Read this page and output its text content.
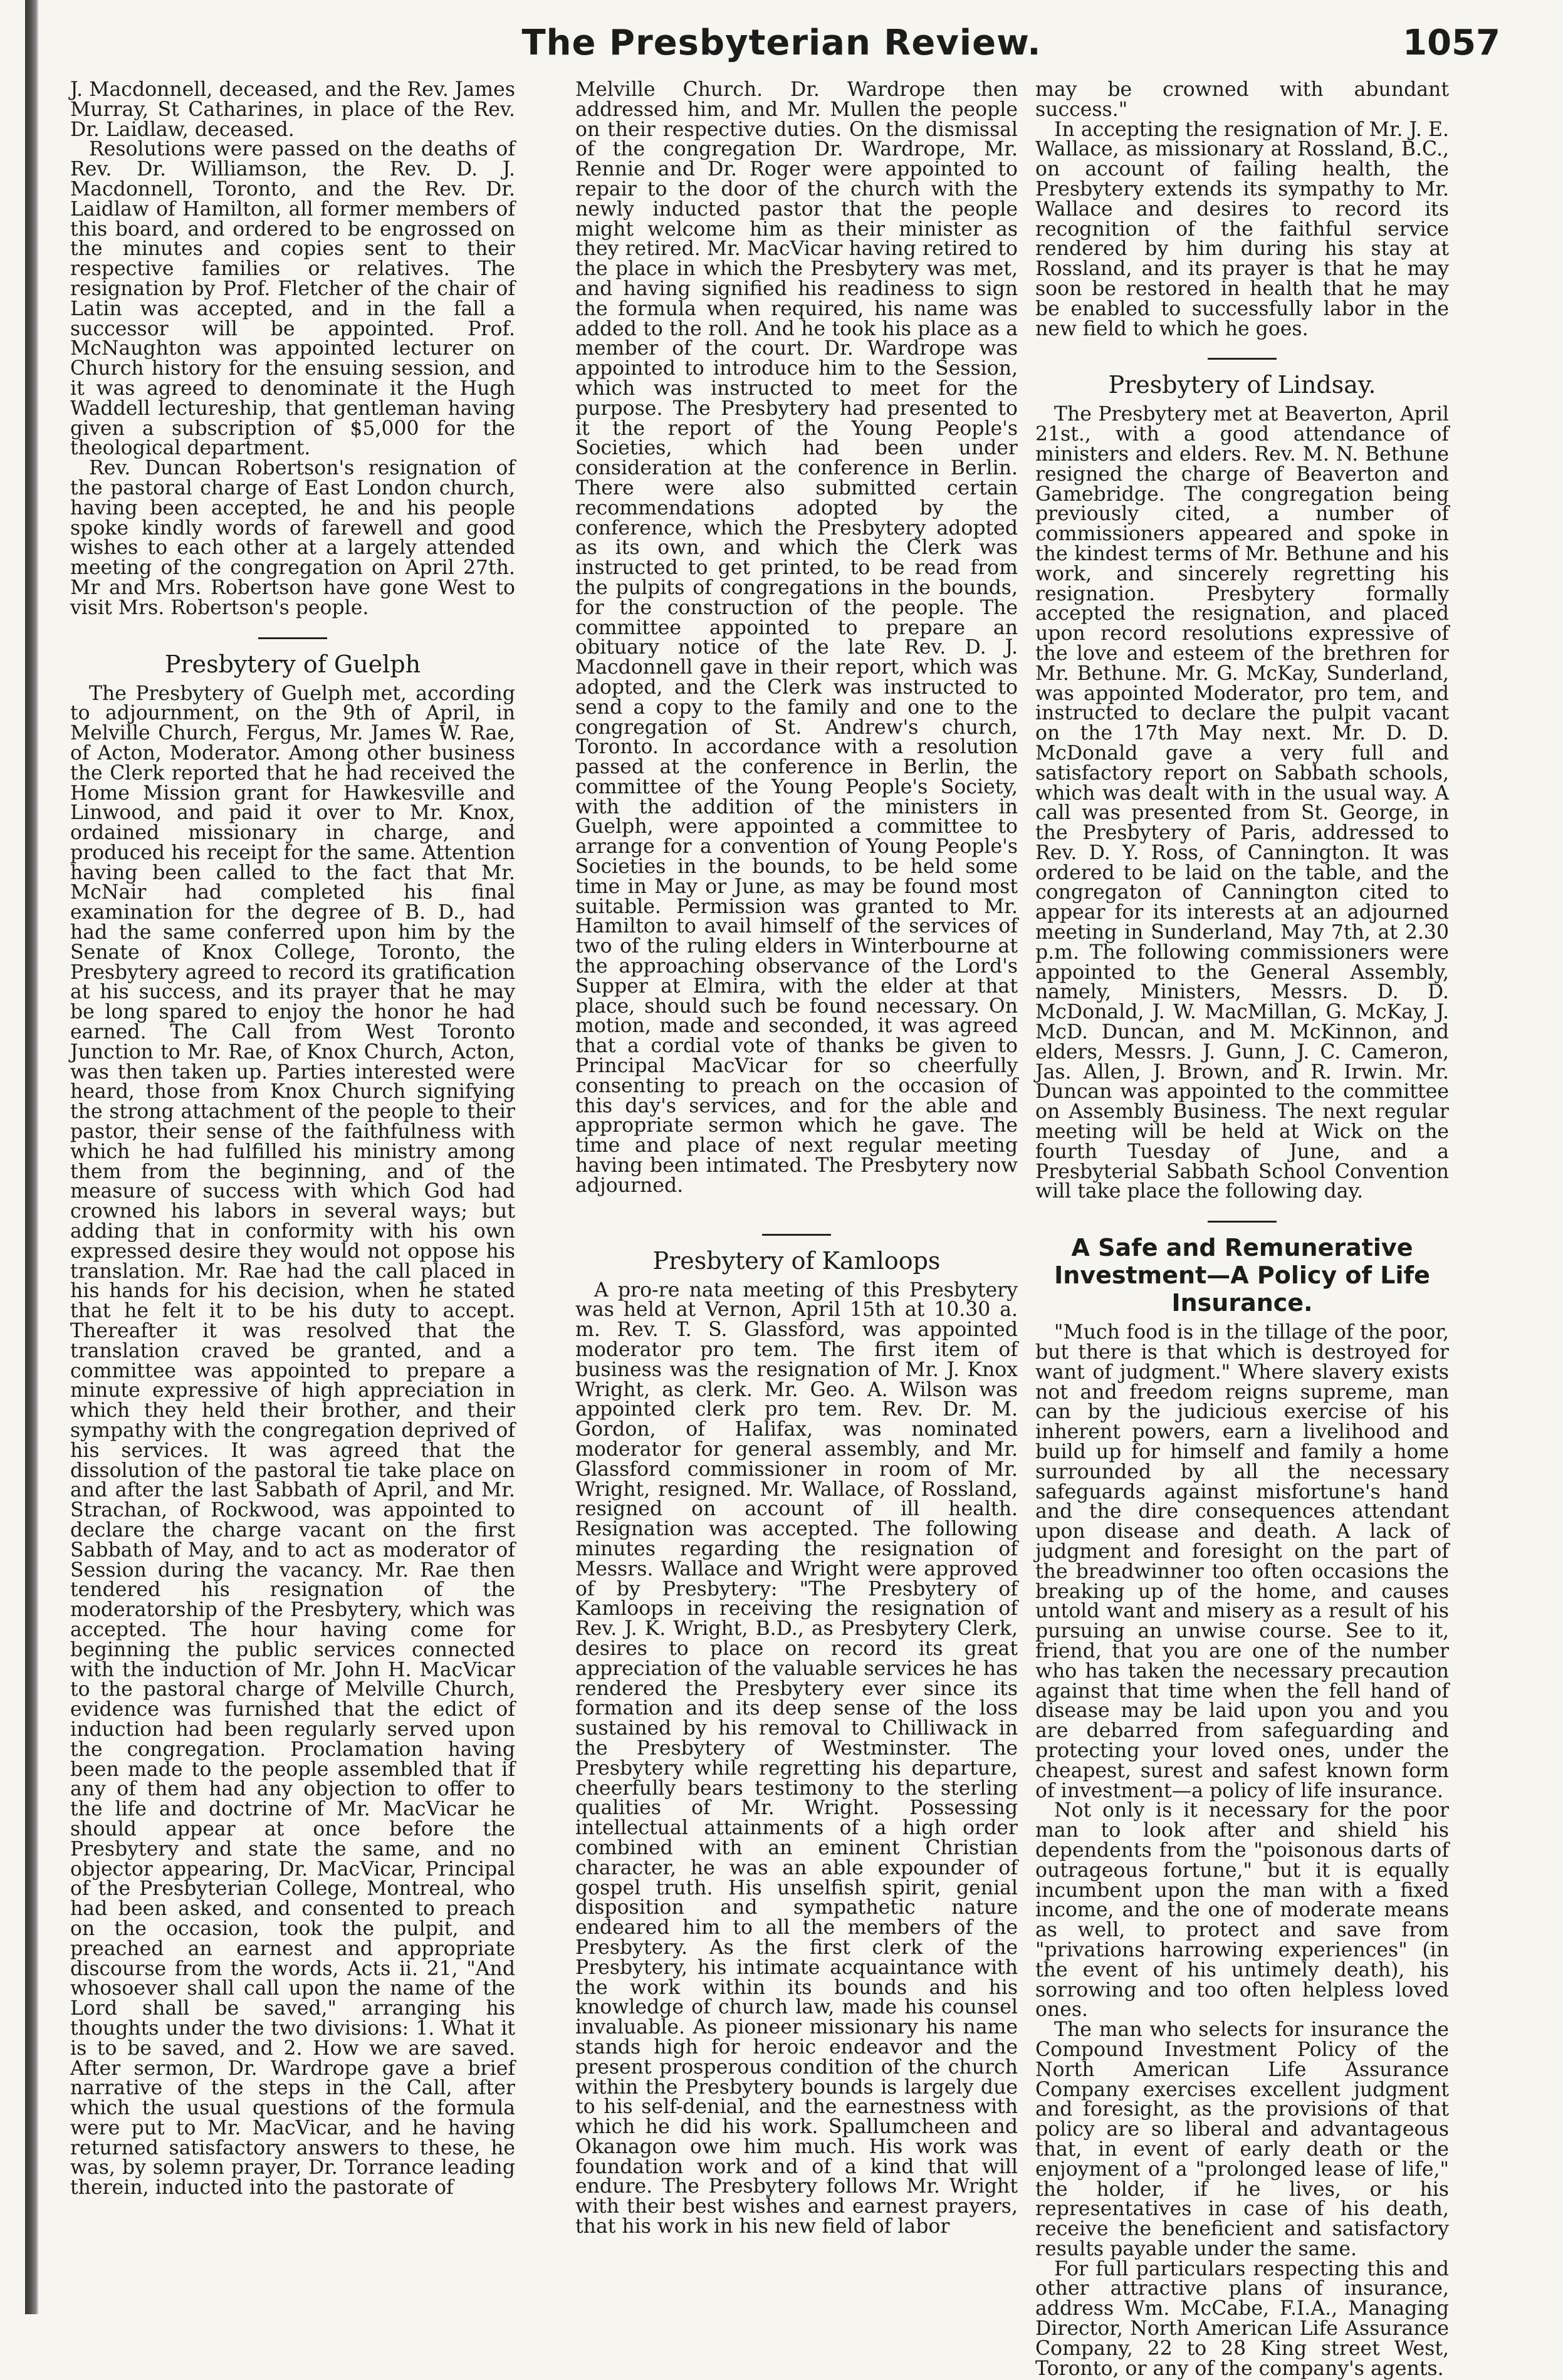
The Presbyterian Review.	1057

J. Macdonnell, deceased, and the Rev. James Murray, St Catharines, in place of the Rev. Dr. Laidlaw, deceased.

Resolutions were passed on the deaths of Rev. Dr. Williamson, the Rev. D. J. Macdonnell, Toronto, and the Rev. Dr. Laidlaw of Hamilton, all former members of this board, and ordered to be engrossed on the minutes and copies sent to their respective families or relatives. The resignation by Prof. Fletcher of the chair of Latin was accepted, and in the fall a successor will be appointed. Prof. McNaughton was appointed lecturer on Church history for the ensuing session, and it was agreed to denominate it the Hugh Waddell lectureship, that gentleman having given a subscription of $5,000 for the theological department.

Rev. Duncan Robertson's resignation of the pastoral charge of East London church, having been accepted, he and his people spoke kindly words of farewell and good wishes to each other at a largely attended meeting of the congregation on April 27th. Mr and Mrs. Robertson have gone West to visit Mrs. Robertson's people.

Presbytery of Guelph

The Presbytery of Guelph met, according to adjournment, on the 9th of April, in Melville Church, Fergus, Mr. James W. Rae, of Acton, Moderator. Among other business the Clerk reported that he had received the Home Mission grant for Hawkesville and Linwood, and paid it over to Mr. Knox, ordained missionary in charge, and produced his receipt for the same. Attention having been called to the fact that Mr. McNair had completed his final examination for the degree of B. D., had had the same conferred upon him by the Senate of Knox College, Toronto, the Presbytery agreed to record its gratification at his success, and its prayer that he may be long spared to enjoy the honor he had earned. The Call from West Toronto Junction to Mr. Rae, of Knox Church, Acton, was then taken up. Parties interested were heard, those from Knox Church signifying the strong attachment of the people to their pastor, their sense of the faithfulness with which he had fulfilled his ministry among them from the beginning, and of the measure of success with which God had crowned his labors in several ways; but adding that in conformity with his own expressed desire they would not oppose his translation. Mr. Rae had the call placed in his hands for his decision, when he stated that he felt it to be his duty to accept. Thereafter it was resolved that the translation craved be granted, and a committee was appointed to prepare a minute expressive of high appreciation in which they held their brother, and their sympathy with the congregation deprived of his services. It was agreed that the dissolution of the pastoral tie take place on and after the last Sabbath of April, and Mr. Strachan, of Rockwood, was appointed to declare the charge vacant on the first Sabbath of May, and to act as moderator of Session during the vacancy. Mr. Rae then tendered his resignation of the moderatorship of the Presbytery, which was accepted. The hour having come for beginning the public services connected with the induction of Mr. John H. MacVicar to the pastoral charge of Melville Church, evidence was furnished that the edict of induction had been regularly served upon the congregation. Proclamation having been made to the people assembled that if any of them had any objection to offer to the life and doctrine of Mr. MacVicar he should appear at once before the Presbytery and state the same, and no objector appearing, Dr. MacVicar, Principal of the Presbyterian College, Montreal, who had been asked, and consented to preach on the occasion, took the pulpit, and preached an earnest and appropriate discourse from the words, Acts ii. 21, "And whosoever shall call upon the name of the Lord shall be saved," arranging his thoughts under the two divisions: 1. What it is to be saved, and 2. How we are saved. After sermon, Dr. Wardrope gave a brief narrative of the steps in the Call, after which the usual questions of the formula were put to Mr. MacVicar, and he having returned satisfactory answers to these, he was, by solemn prayer, Dr. Torrance leading therein, inducted into the pastorate of

Melville Church. Dr. Wardrope then addressed him, and Mr. Mullen the people on their respective duties. On the dismissal of the congregation Dr. Wardrope, Mr. Rennie and Dr. Roger were appointed to repair to the door of the church with the newly inducted pastor that the people might welcome him as their minister as they retired. Mr. MacVicar having retired to the place in which the Presbytery was met, and having signified his readiness to sign the formula when required, his name was added to the roll. And he took his place as a member of the court. Dr. Wardrope was appointed to introduce him to the Session, which was instructed to meet for the purpose. The Presbytery had presented to it the report of the Young People's Societies, which had been under consideration at the conference in Berlin. There were also submitted certain recommendations adopted by the conference, which the Presbytery adopted as its own, and which the Clerk was instructed to get printed, to be read from the pulpits of congregations in the bounds, for the construction of the people. The committee appointed to prepare an obituary notice of the late Rev. D. J. Macdonnell gave in their report, which was adopted, and the Clerk was instructed to send a copy to the family and one to the congregation of St. Andrew's church, Toronto. In accordance with a resolution passed at the conference in Berlin, the committee of the Young People's Society, with the addition of the ministers in Guelph, were appointed a committee to arrange for a convention of Young People's Societies in the bounds, to be held some time in May or June, as may be found most suitable. Permission was granted to Mr. Hamilton to avail himself of the services of two of the ruling elders in Winterbourne at the approaching observance of the Lord's Supper at Elmira, with the elder at that place, should such be found necessary. On motion, made and seconded, it was agreed that a cordial vote of thanks be given to Principal MacVicar for so cheerfully consenting to preach on the occasion of this day's services, and for the able and appropriate sermon which he gave. The time and place of next regular meeting having been intimated. The Presbytery now adjourned.

Presbytery of Kamloops

A pro-re nata meeting of this Presbytery was held at Vernon, April 15th at 10.30 a. m. Rev. T. S. Glassford, was appointed moderator pro tem. The first item of business was the resignation of Mr. J. Knox Wright, as clerk. Mr. Geo. A. Wilson was appointed clerk pro tem. Rev. Dr. M. Gordon, of Halifax, was nominated moderator for general assembly, and Mr. Glassford commissioner in room of Mr. Wright, resigned. Mr. Wallace, of Rossland, resigned on account of ill health. Resignation was accepted. The following minutes regarding the resignation of Messrs. Wallace and Wright were approved of by Presbytery: "The Presbytery of Kamloops in receiving the resignation of Rev. J. K. Wright, B.D., as Presbytery Clerk, desires to place on record its great appreciation of the valuable services he has rendered the Presbytery ever since its formation and its deep sense of the loss sustained by his removal to Chilliwack in the Presbytery of Westminster. The Presbytery while regretting his departure, cheerfully bears testimony to the sterling qualities of Mr. Wright. Possessing intellectual attainments of a high order combined with an eminent Christian character, he was an able expounder of gospel truth. His unselfish spirit, genial disposition and sympathetic nature endeared him to all the members of the Presbytery. As the first clerk of the Presbytery, his intimate acquaintance with the work within its bounds and his knowledge of church law, made his counsel invaluable. As pioneer missionary his name stands high for heroic endeavor and the present prosperous condition of the church within the Presbytery bounds is largely due to his self-denial, and the earnestness with which he did his work. Spallumcheen and Okanagon owe him much. His work was foundation work and of a kind that will endure. The Presbytery follows Mr. Wright with their best wishes and earnest prayers, that his work in his new field of labor

may be crowned with abundant success."

In accepting the resignation of Mr. J. E. Wallace, as missionary at Rossland, B.C., on account of failing health, the Presbytery extends its sympathy to Mr. Wallace and desires to record its recognition of the faithful service rendered by him during his stay at Rossland, and its prayer is that he may soon be restored in health that he may be enabled to successfully labor in the new field to which he goes.

Presbytery of Lindsay.

The Presbytery met at Beaverton, April 21st., with a good attendance of ministers and elders. Rev. M. N. Bethune resigned the charge of Beaverton and Gamebridge. The congregation being previously cited, a number of commissioners appeared and spoke in the kindest terms of Mr. Bethune and his work, and sincerely regretting his resignation. Presbytery formally accepted the resignation, and placed upon record resolutions expressive of the love and esteem of the brethren for Mr. Bethune. Mr. G. McKay, Sunderland, was appointed Moderator, pro tem, and instructed to declare the pulpit vacant on the 17th May next. Mr. D. D. McDonald gave a very full and satisfactory report on Sabbath schools, which was dealt with in the usual way. A call was presented from St. George, in the Presbytery of Paris, addressed to Rev. D. Y. Ross, of Cannington. It was ordered to be laid on the table, and the congregaton of Cannington cited to appear for its interests at an adjourned meeting in Sunderland, May 7th, at 2.30 p.m. The following commissioners were appointed to the General Assembly, namely, Ministers, Messrs. D. D. McDonald, J. W. MacMillan, G. McKay, J. McD. Duncan, and M. McKinnon, and elders, Messrs. J. Gunn, J. C. Cameron, Jas. Allen, J. Brown, and R. Irwin. Mr. Duncan was appointed to the committee on Assembly Business. The next regular meeting will be held at Wick on the fourth Tuesday of June, and a Presbyterial Sabbath School Convention will take place the following day.

A Safe and Remunerative Investment—A Policy of Life Insurance.

"Much food is in the tillage of the poor, but there is that which is destroyed for want of judgment." Where slavery exists not and freedom reigns supreme, man can by the judicious exercise of his inherent powers, earn a livelihood and build up for himself and family a home surrounded by all the necessary safeguards against misfortune's hand and the dire consequences attendant upon disease and death. A lack of judgment and foresight on the part of the breadwinner too often occasions the breaking up of the home, and causes untold want and misery as a result of his pursuing an unwise course. See to it, friend, that you are one of the number who has taken the necessary precaution against that time when the fell hand of disease may be laid upon you and you are debarred from safeguarding and protecting your loved ones, under the cheapest, surest and safest known form of investment—a policy of life insurance.

Not only is it necessary for the poor man to look after and shield his dependents from the "poisonous darts of outrageous fortune," but it is equally incumbent upon the man with a fixed income, and the one of moderate means as well, to protect and save from "privations harrowing experiences" (in the event of his untimely death), his sorrowing and too often helpless loved ones.

The man who selects for insurance the Compound Investment Policy of the North American Life Assurance Company exercises excellent judgment and foresight, as the provisions of that policy are so liberal and advantageous that, in event of early death or the enjoyment of a "prolonged lease of life," the holder, if he lives, or his representatives in case of his death, receive the beneficient and satisfactory results payable under the same.

For full particulars respecting this and other attractive plans of insurance, address Wm. McCabe, F.I.A., Managing Director, North American Life Assurance Company, 22 to 28 King street West, Toronto, or any of the company's agents.
